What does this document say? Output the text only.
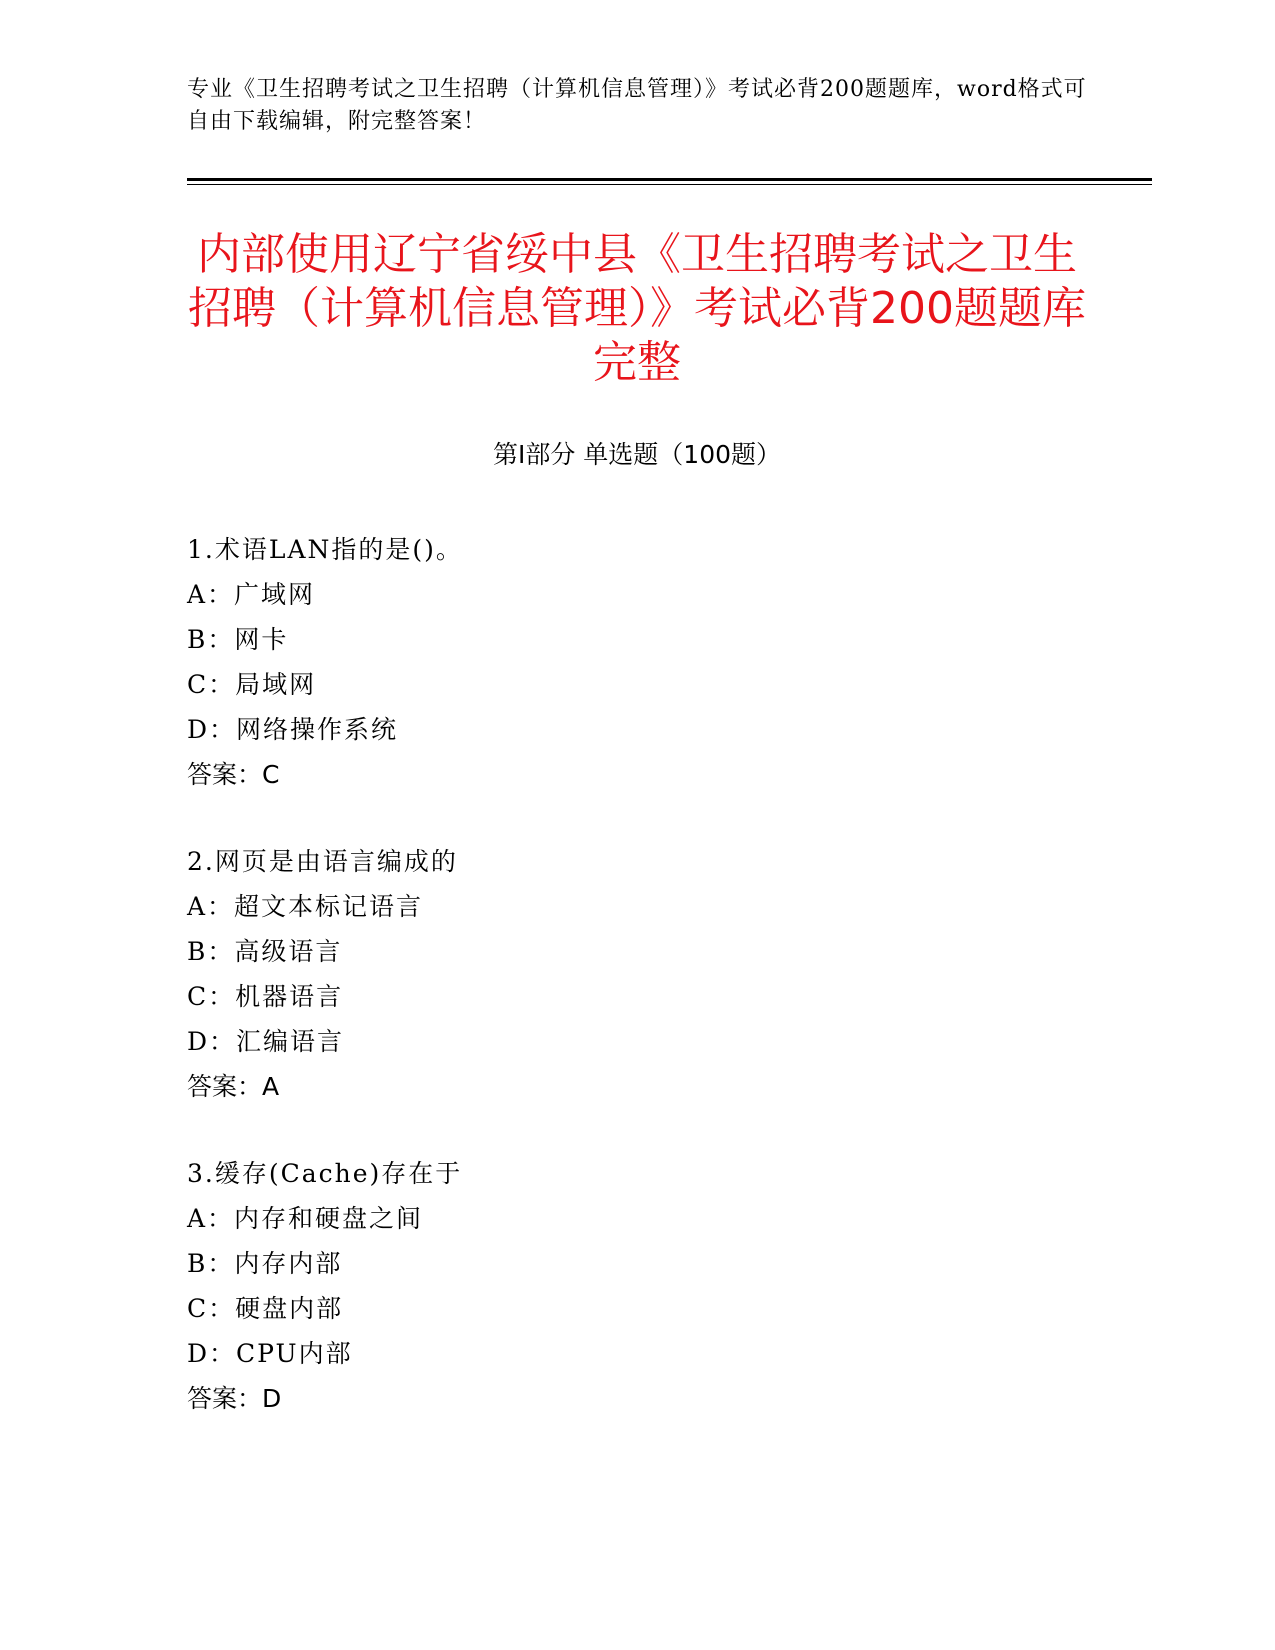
专业《卫生招聘考试之卫生招聘（计算机信息管理）》考试必背200题题库，word格式可自由下载编辑，附完整答案！
内部使用辽宁省绥中县《卫生招聘考试之卫生招聘（计算机信息管理）》考试必背200题题库完整
第I部分 单选题（100题）
1.术语LAN指的是()。
A：广域网
B：网卡
C：局域网
D：网络操作系统
答案：C
2.网页是由语言编成的
A：超文本标记语言
B：高级语言
C：机器语言
D：汇编语言
答案：A
3.缓存(Cache)存在于
A：内存和硬盘之间
B：内存内部
C：硬盘内部
D：CPU内部
答案：D
